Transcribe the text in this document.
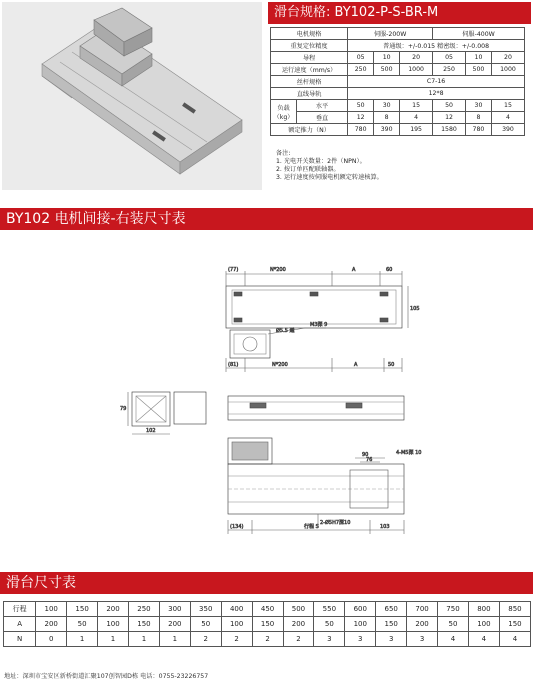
滑台规格: BY102-P-S-BR-M
电机规格		伺服-200W			伺服-400W		
重复定位精度		普通级：+/-0.015 精密级：+/-0.008					
导程		05	10	20	05	10	20
运行速度（mm/s）		250	500	1000	250	500	1000
丝杆规格		C7-16					
直线导轨		12*8					
负载（kg）	水平	50	30	15	50	30	15
	垂直	12	8	4	12	8	4
额定推力（N）		780	390	195	1580	780	390
备注:
1. 光电开关数量：2件（NPN）。
2. 按订单匹配联轴器。
3. 运行速度按伺服电机额定转速核算。
BY102 电机间接-右装尺寸表
(77)	N*200	A	60
105
Ø5.5 通
M3深 9
(81)	N*200	A	50
79
102
90
76
4-M5深 10
2-Ø5H7深10
(134)	行程 S	103
滑台尺寸表
行程	100	150	200	250	300	350	400	450	500	550	600	650	700	750	800	850
A	200	50	100	150	200	50	100	150	200	50	100	150	200	50	100	150
N	0	1	1	1	1	2	2	2	2	3	3	3	3	4	4	4
地址：深圳市宝安区新桥街道汇聚107创智园D栋 电话：0755-23226757
